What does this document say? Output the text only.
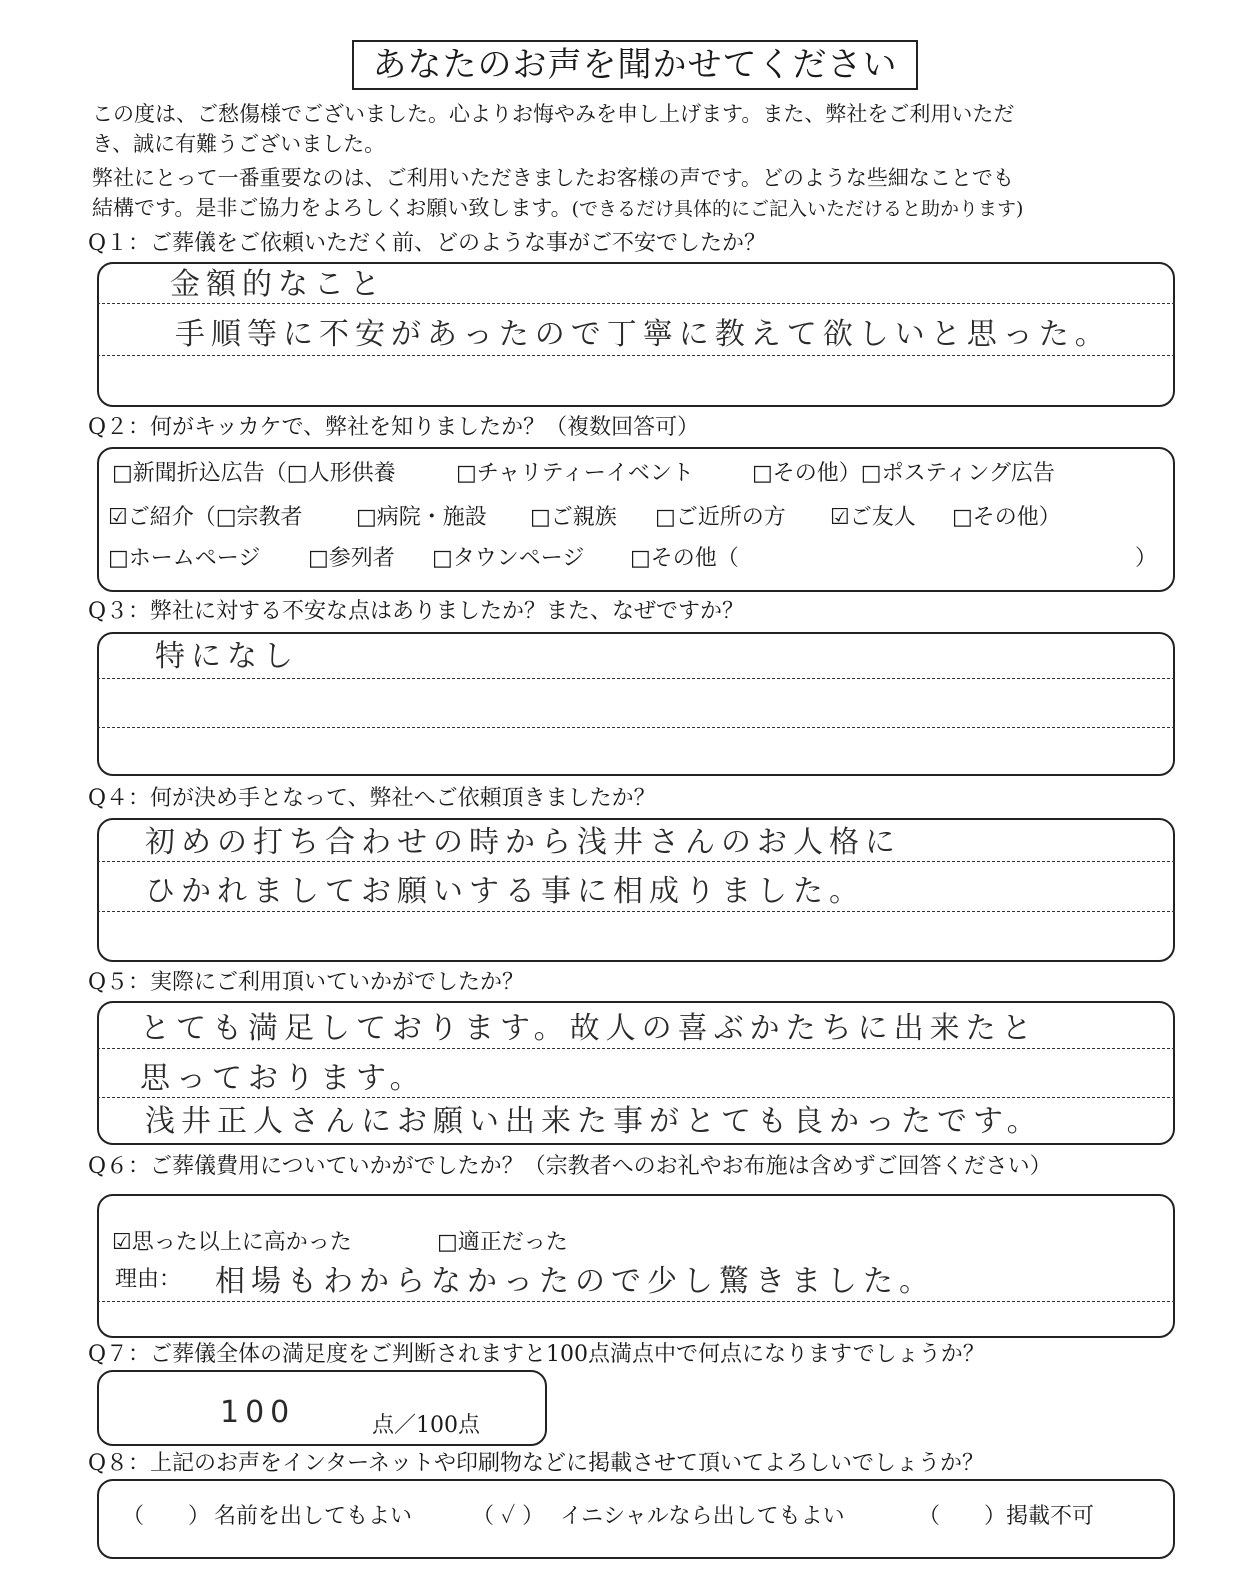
あなたのお声を聞かせてください
この度は、ご愁傷様でございました。心よりお悔やみを申し上げます。また、弊社をご利用いただ
き、誠に有難うございました。
弊社にとって一番重要なのは、ご利用いただきましたお客様の声です。どのような些細なことでも
結構です。是非ご協力をよろしくお願い致します。(できるだけ具体的にご記入いただけると助かります)
Q１：ご葬儀をご依頼いただく前、どのような事がご不安でしたか？
金額的なこと
手順等に不安があったので丁寧に教えて欲しいと思った。
Q２：何がキッカケで、弊社を知りましたか？（複数回答可）
□新聞折込広告（□人形供養	□チャリティーイベント	□その他）□ポスティング広告
☑ご紹介（□宗教者 □病院・施設 □ご親族 □ご近所の方 ☑ご友人 □その他）
□ホームページ □参列者 □タウンページ □その他（	）
Q３：弊社に対する不安な点はありましたか？また、なぜですか？
特になし
Q４：何が決め手となって、弊社へご依頼頂きましたか？
初めの打ち合わせの時から浅井さんのお人格に
ひかれましてお願いする事に相成りました。
Q５：実際にご利用頂いていかがでしたか？
とても満足しております。故人の喜ぶかたちに出来たと
思っております。
浅井正人さんにお願い出来た事がとても良かったです。
Q６：ご葬儀費用についていかがでしたか？（宗教者へのお礼やお布施は含めずご回答ください）
☑思った以上に高かった	□適正だった
理由： 相場もわからなかったので少し驚きました。
Q７：ご葬儀全体の満足度をご判断されますと100点満点中で何点になりますでしょうか？
100	点／100点
Q８：上記のお声をインターネットや印刷物などに掲載させて頂いてよろしいでしょうか？
（　　） 名前を出してもよい	（ ✓ ） イニシャルなら出してもよい	（　　） 掲載不可
